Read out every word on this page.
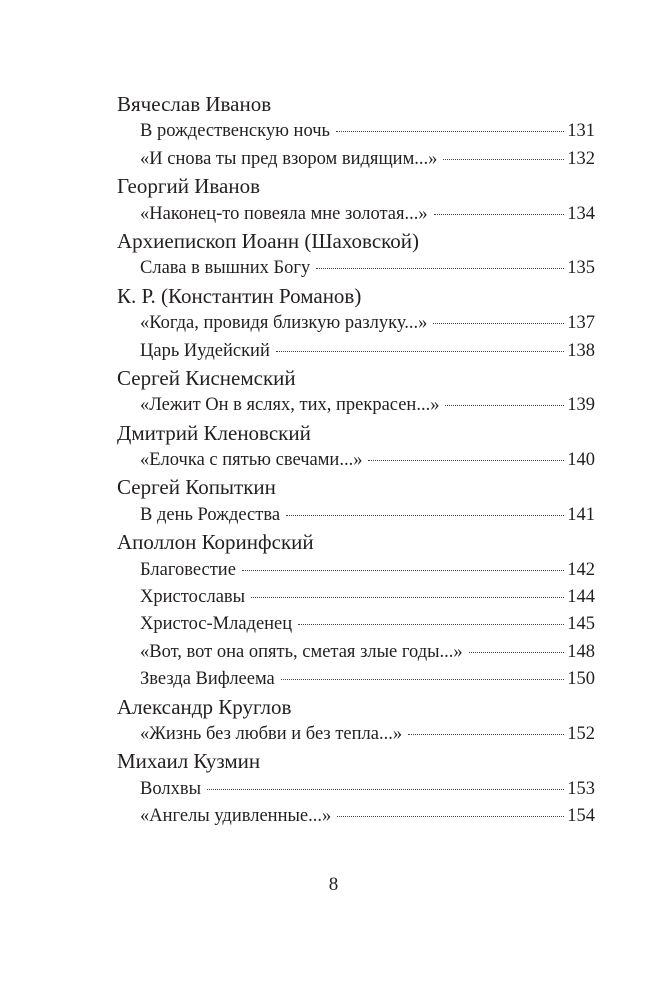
Вячеслав Иванов
В рождественскую ночь	131
«И снова ты пред взором видящим...»	132
Георгий Иванов
«Наконец-то повеяла мне золотая...»	134
Архиепископ Иоанн (Шаховской)
Слава в вышних Богу	135
К. Р. (Константин Романов)
«Когда, провидя близкую разлуку...»	137
Царь Иудейский	138
Сергей Киснемский
«Лежит Он в яслях, тих, прекрасен...»	139
Дмитрий Кленовский
«Елочка с пятью свечами...»	140
Сергей Копыткин
В день Рождества	141
Аполлон Коринфский
Благовестие	142
Христославы	144
Христос-Младенец	145
«Вот, вот она опять, сметая злые годы...»	148
Звезда Вифлеема	150
Александр Круглов
«Жизнь без любви и без тепла...»	152
Михаил Кузмин
Волхвы	153
«Ангелы удивленные...»	154
8
